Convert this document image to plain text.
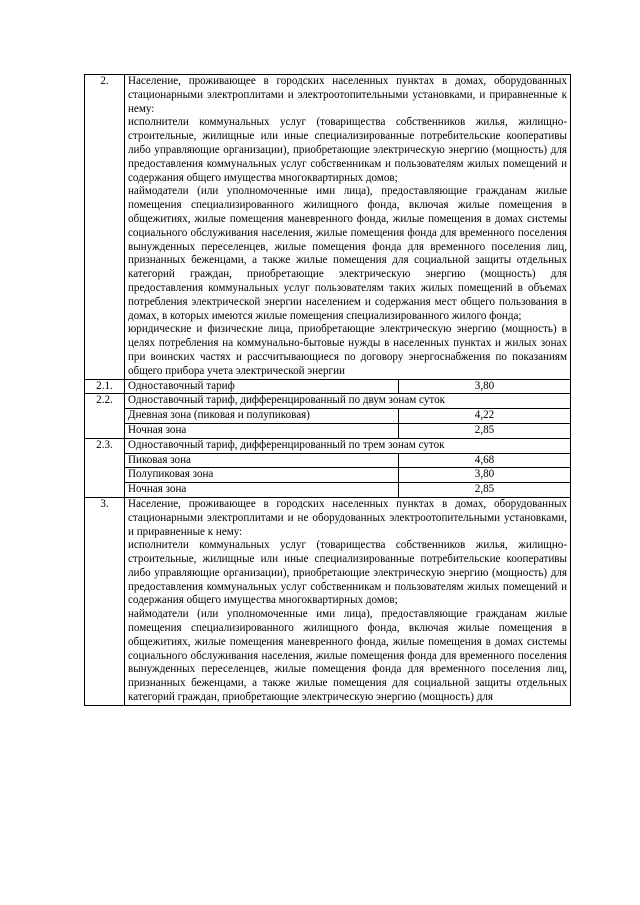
2.	Население, проживающее в городских населенных пунктах в домах, оборудованных стационарными электроплитами и электроотопительными установками, и приравненные к нему:
исполнители коммунальных услуг (товарищества собственников жилья, жилищно-строительные, жилищные или иные специализированные потребительские кооперативы либо управляющие организации), приобретающие электрическую энергию (мощность) для предоставления коммунальных услуг собственникам и пользователям жилых помещений и содержания общего имущества многоквартирных домов;
наймодатели (или уполномоченные ими лица), предоставляющие гражданам жилые помещения специализированного жилищного фонда, включая жилые помещения в общежитиях, жилые помещения маневренного фонда, жилые помещения в домах системы социального обслуживания населения, жилые помещения фонда для временного поселения вынужденных переселенцев, жилые помещения фонда для временного поселения лиц, признанных беженцами, а также жилые помещения для социальной защиты отдельных категорий граждан, приобретающие электрическую энергию (мощность) для предоставления коммунальных услуг пользователям таких жилых помещений в объемах потребления электрической энергии населением и содержания мест общего пользования в домах, в которых имеются жилые помещения специализированного жилого фонда;
юридические и физические лица, приобретающие электрическую энергию (мощность) в целях потребления на коммунально-бытовые нужды в населенных пунктах и жилых зонах при воинских частях и рассчитывающиеся по договору энергоснабжения по показаниям общего прибора учета электрической энергии	

2.1.	Одноставочный тариф	3,80
2.2.	Одноставочный тариф, дифференцированный по двум зонам суток	
	Дневная зона (пиковая и полупиковая)	4,22
	Ночная зона	2,85
2.3.	Одноставочный тариф, дифференцированный по трем зонам суток	
	Пиковая зона	4,68
	Полупиковая зона	3,80
	Ночная зона	2,85
3.	Население, проживающее в городских населенных пунктах в домах, оборудованных стационарными электроплитами и не оборудованных электроотопительными установками, и приравненные к нему:
исполнители коммунальных услуг (товарищества собственников жилья, жилищно-строительные, жилищные или иные специализированные потребительские кооперативы либо управляющие организации), приобретающие электрическую энергию (мощность) для предоставления коммунальных услуг собственникам и пользователям жилых помещений и содержания общего имущества многоквартирных домов;
наймодатели (или уполномоченные ими лица), предоставляющие гражданам жилые помещения специализированного жилищного фонда, включая жилые помещения в общежитиях, жилые помещения маневренного фонда, жилые помещения в домах системы социального обслуживания населения, жилые помещения фонда для временного поселения вынужденных переселенцев, жилые помещения фонда для временного поселения лиц, признанных беженцами, а также жилые помещения для социальной защиты отдельных категорий граждан, приобретающие электрическую энергию (мощность) для	
